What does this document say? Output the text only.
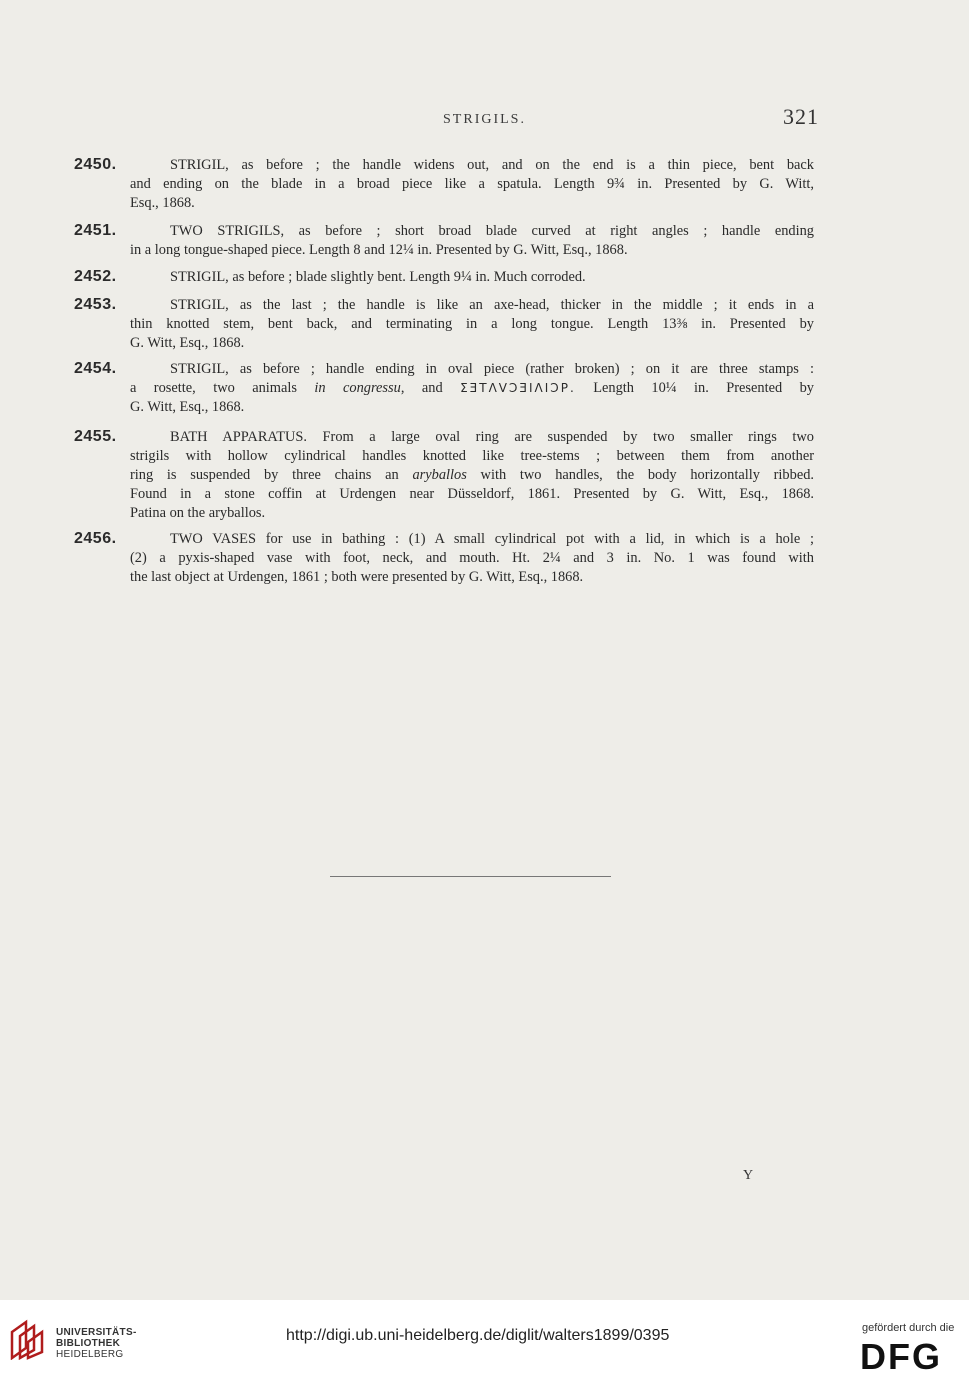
STRIGILS.	321
2450.	STRIGIL, as before ; the handle widens out, and on the end is a thin piece, bent back
and ending on the blade in a broad piece like a spatula. Length 9¾ in. Presented by G. Witt,
Esq., 1868.
2451.	TWO STRIGILS, as before ; short broad blade curved at right angles ; handle ending
in a long tongue-shaped piece. Length 8 and 12¼ in. Presented by G. Witt, Esq., 1868.
2452.	STRIGIL, as before ; blade slightly bent. Length 9¼ in. Much corroded.
2453.	STRIGIL, as the last ; the handle is like an axe-head, thicker in the middle ; it ends in a
thin knotted stem, bent back, and terminating in a long tongue. Length 13⅜ in. Presented by
G. Witt, Esq., 1868.
2454.	STRIGIL, as before ; handle ending in oval piece (rather broken) ; on it are three stamps :
a rosette, two animals in congressu, and ΣƎΤΛVϽƎΙΛΙƆΡ. Length 10¼ in. Presented by
G. Witt, Esq., 1868.
2455.	BATH APPARATUS. From a large oval ring are suspended by two smaller rings two
strigils with hollow cylindrical handles knotted like tree-stems ; between them from another
ring is suspended by three chains an aryballos with two handles, the body horizontally ribbed.
Found in a stone coffin at Urdengen near Düsseldorf, 1861. Presented by G. Witt, Esq., 1868.
Patina on the aryballos.
2456.	TWO VASES for use in bathing : (1) A small cylindrical pot with a lid, in which is a hole ;
(2) a pyxis-shaped vase with foot, neck, and mouth. Ht. 2¼ and 3 in. No. 1 was found with
the last object at Urdengen, 1861 ; both were presented by G. Witt, Esq., 1868.
Y
UNIVERSITÄTS-
BIBLIOTHEK
HEIDELBERG
http://digi.ub.uni-heidelberg.de/diglit/walters1899/0395	gefördert durch die
DFG
